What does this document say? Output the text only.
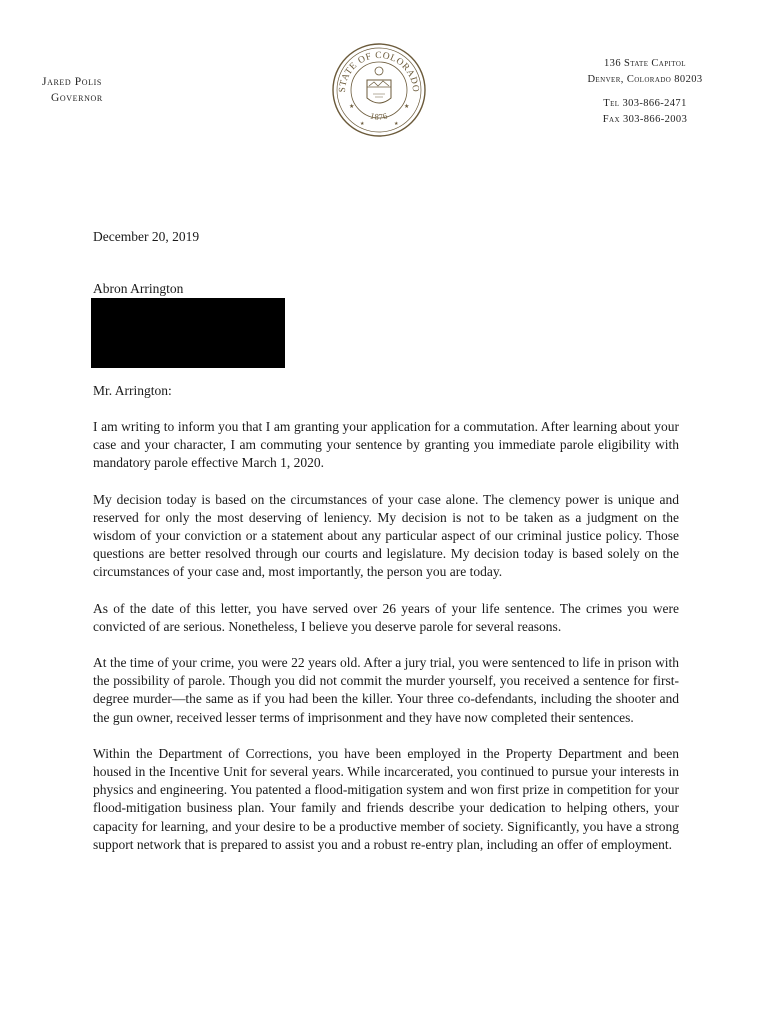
Jared Polis
Governor
STATE OF COLORADO
1876
★	★
★	★
136 State Capitol
Denver, Colorado 80203
Tel 303-866-2471
Fax 303-866-2003
December 20, 2019
Abron Arrington
Mr. Arrington:

I am writing to inform you that I am granting your application for a commutation. After learning about your case and your character, I am commuting your sentence by granting you immediate parole eligibility with mandatory parole effective March 1, 2020.

My decision today is based on the circumstances of your case alone. The clemency power is unique and reserved for only the most deserving of leniency. My decision is not to be taken as a judgment on the wisdom of your conviction or a statement about any particular aspect of our criminal justice policy. Those questions are better resolved through our courts and legislature. My decision today is based solely on the circumstances of your case and, most importantly, the person you are today.

As of the date of this letter, you have served over 26 years of your life sentence. The crimes you were convicted of are serious. Nonetheless, I believe you deserve parole for several reasons.

At the time of your crime, you were 22 years old. After a jury trial, you were sentenced to life in prison with the possibility of parole. Though you did not commit the murder yourself, you received a sentence for first-degree murder—the same as if you had been the killer. Your three co-defendants, including the shooter and the gun owner, received lesser terms of imprisonment and they have now completed their sentences.

Within the Department of Corrections, you have been employed in the Property Department and been housed in the Incentive Unit for several years. While incarcerated, you continued to pursue your interests in physics and engineering. You patented a flood-mitigation system and won first prize in competition for your flood-mitigation business plan. Your family and friends describe your dedication to helping others, your capacity for learning, and your desire to be a productive member of society. Significantly, you have a strong support network that is prepared to assist you and a robust re-entry plan, including an offer of employment.
